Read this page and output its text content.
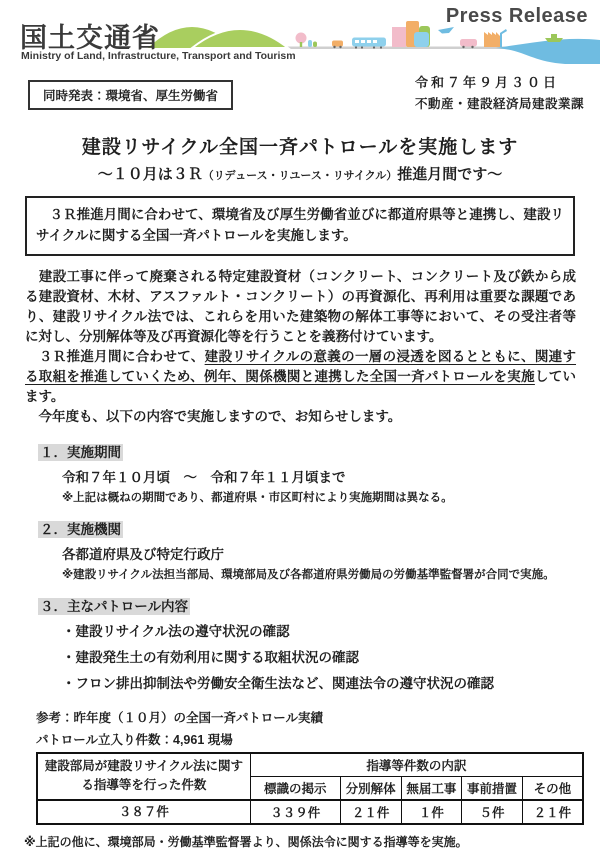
国土交通省
Ministry of Land, Infrastructure, Transport and Tourism
Press Release
同時発表：環境省、厚生労働省
令和７年９月３０日
不動産・建設経済局建設業課
建設リサイクル全国一斉パトロールを実施します
～１０月は３Ｒ（リデュース・リユース・リサイクル）推進月間です～
　３Ｒ推進月間に合わせて、環境省及び厚生労働省並びに都道府県等と連携し、建設リサイクルに関する全国一斉パトロールを実施します。

　建設工事に伴って廃棄される特定建設資材（コンクリート、コンクリート及び鉄から成る建設資材、木材、アスファルト・コンクリート）の再資源化、再利用は重要な課題であり、建設リサイクル法では、これらを用いた建築物の解体工事等において、その受注者等に対し、分別解体等及び再資源化等を行うことを義務付けています。

　３Ｒ推進月間に合わせて、建設リサイクルの意義の一層の浸透を図るとともに、関連する取組を推進していくため、例年、関係機関と連携した全国一斉パトロールを実施しています。

　今年度も、以下の内容で実施しますので、お知らせします。

１．実施期間
令和７年１０月頃　～　令和７年１１月頃まで
※上記は概ねの期間であり、都道府県・市区町村により実施期間は異なる。
２．実施機関
各都道府県及び特定行政庁
※建設リサイクル法担当部局、環境部局及び各都道府県労働局の労働基準監督署が合同で実施。
３．主なパトロール内容
・建設リサイクル法の遵守状況の確認
・建設発生土の有効利用に関する取組状況の確認
・フロン排出抑制法や労働安全衛生法など、関連法令の遵守状況の確認
参考：昨年度（１０月）の全国一斉パトロール実績
パトロール立入り件数：4,961 現場
建設部局が建設リサイクル法に関する指導等を行った件数	指導等件数の内訳				
	標識の掲示	分別解体	無届工事	事前措置	その他
３８７件	３３９件	２１件	１件	５件	２１件
※上記の他に、環境部局・労働基準監督署より、関係法令に関する指導等を実施。
